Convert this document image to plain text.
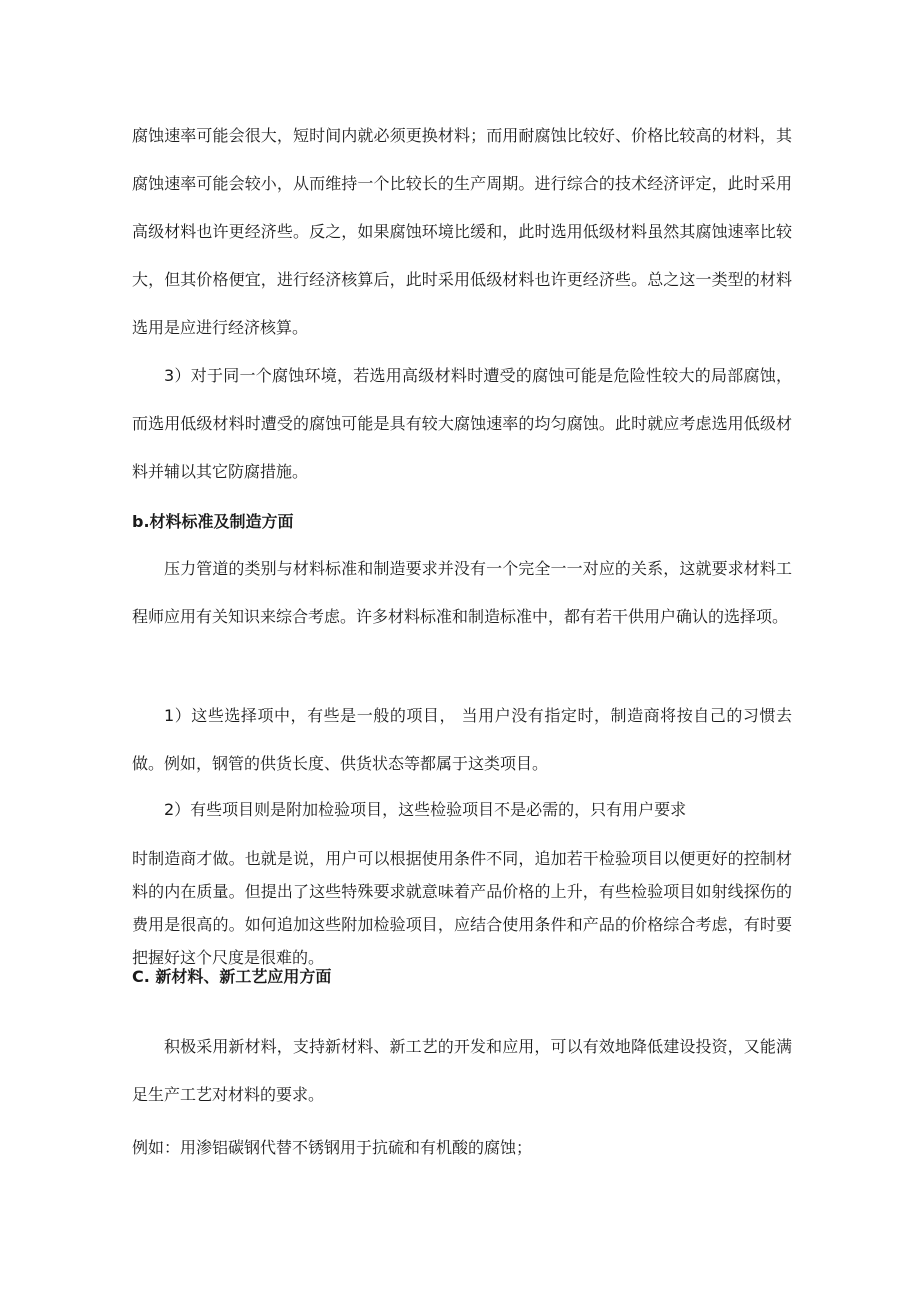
腐蚀速率可能会很大，短时间内就必须更换材料；而用耐腐蚀比较好、价格比较高的材料，其腐蚀速率可能会较小，从而维持一个比较长的生产周期。进行综合的技术经济评定，此时采用高级材料也许更经济些。反之，如果腐蚀环境比缓和，此时选用低级材料虽然其腐蚀速率比较大，但其价格便宜，进行经济核算后，此时采用低级材料也许更经济些。总之这一类型的材料选用是应进行经济核算。

3）对于同一个腐蚀环境，若选用高级材料时遭受的腐蚀可能是危险性较大的局部腐蚀，而选用低级材料时遭受的腐蚀可能是具有较大腐蚀速率的均匀腐蚀。此时就应考虑选用低级材料并辅以其它防腐措施。

b.材料标准及制造方面

压力管道的类别与材料标准和制造要求并没有一个完全一一对应的关系，这就要求材料工程师应用有关知识来综合考虑。许多材料标准和制造标准中，都有若干供用户确认的选择项。

1）这些选择项中，有些是一般的项目， 当用户没有指定时，制造商将按自己的习惯去做。例如，钢管的供货长度、供货状态等都属于这类项目。

2）有些项目则是附加检验项目，这些检验项目不是必需的，只有用户要求

时制造商才做。也就是说，用户可以根据使用条件不同，追加若干检验项目以便更好的控制材料的内在质量。但提出了这些特殊要求就意味着产品价格的上升，有些检验项目如射线探伤的费用是很高的。如何追加这些附加检验项目，应结合使用条件和产品的价格综合考虑，有时要把握好这个尺度是很难的。

C. 新材料、新工艺应用方面

积极采用新材料，支持新材料、新工艺的开发和应用，可以有效地降低建设投资，又能满足生产工艺对材料的要求。

例如：用渗铝碳钢代替不锈钢用于抗硫和有机酸的腐蚀；
